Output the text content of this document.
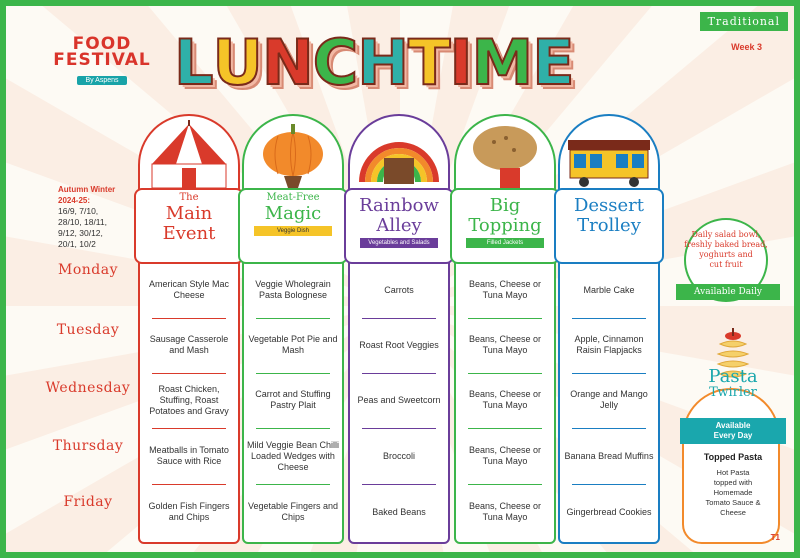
Traditional
Week 3
FOOD
FESTIVAL
By Aspens LUNCHTIME
Autumn Winter
2024-25:
16/9, 7/10,
28/10, 18/11,
9/12, 30/12,
20/1, 10/2
Monday
Tuesday
Wednesday
Thursday
Friday
The
Main
Event
American Style Mac Cheese
Sausage Casserole and Mash
Roast Chicken, Stuffing, Roast Potatoes and Gravy
Meatballs in Tomato Sauce with Rice
Golden Fish Fingers and Chips
Meat-Free
Magic
Veggie Dish
Veggie Wholegrain Pasta Bolognese
Vegetable Pot Pie and Mash
Carrot and Stuffing Pastry Plait
Mild Veggie Bean Chilli Loaded Wedges with Cheese
Vegetable Fingers and Chips
Rainbow
Alley
Vegetables and Salads
Carrots
Roast Root Veggies
Peas and Sweetcorn
Broccoli
Baked Beans
Big
Topping
Filled Jackets
Beans, Cheese or Tuna Mayo
Beans, Cheese or Tuna Mayo
Beans, Cheese or Tuna Mayo
Beans, Cheese or Tuna Mayo
Beans, Cheese or Tuna Mayo
Dessert
Trolley
Marble Cake
Apple, Cinnamon Raisin Flapjacks
Orange and Mango Jelly
Banana Bread Muffins
Gingerbread Cookies
Daily salad bowl,
freshly baked bread,
yoghurts and
cut fruit
Available Daily
Pasta
Twirler
Available
Every Day
Topped Pasta
Hot Pasta
topped with
Homemade
Tomato Sauce &
Cheese
T1
